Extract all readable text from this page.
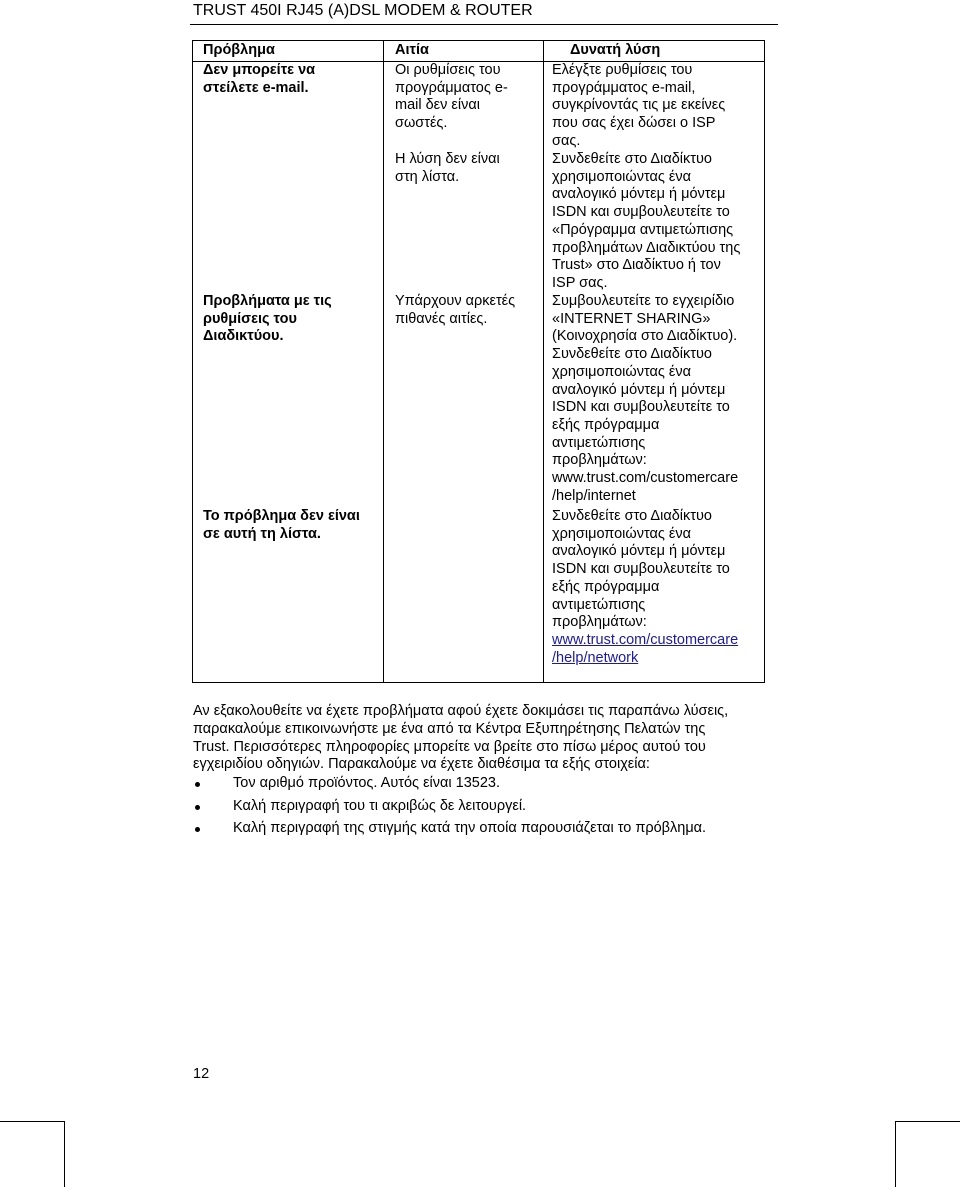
TRUST 450I RJ45 (A)DSL MODEM & ROUTER
Πρόβλημα	Αιτία	Δυνατή λύση
Δεν μπορείτε να
στείλετε e-mail.
Οι ρυθμίσεις του
προγράμματος e-
mail δεν είναι
σωστές.
Ελέγξτε ρυθμίσεις του
προγράμματος e-mail,
συγκρίνοντάς τις με εκείνες
που σας έχει δώσει ο ISP
σας.
Η λύση δεν είναι
στη λίστα.
Συνδεθείτε στο Διαδίκτυο
χρησιμοποιώντας ένα
αναλογικό μόντεμ ή μόντεμ
ISDN και συμβουλευτείτε το
«Πρόγραμμα αντιμετώπισης
προβλημάτων Διαδικτύου της
Trust» στο Διαδίκτυο ή τον
ISP σας.
Προβλήματα με τις
ρυθμίσεις του
Διαδικτύου.
Υπάρχουν αρκετές
πιθανές αιτίες.
Συμβουλευτείτε το εγχειρίδιο
«INTERNET SHARING»
(Κοινοχρησία στο Διαδίκτυο).
Συνδεθείτε στο Διαδίκτυο
χρησιμοποιώντας ένα
αναλογικό μόντεμ ή μόντεμ
ISDN και συμβουλευτείτε το
εξής πρόγραμμα
αντιμετώπισης
προβλημάτων:
www.trust.com/customercare
/help/internet
Το πρόβλημα δεν είναι
σε αυτή τη λίστα.
Συνδεθείτε στο Διαδίκτυο
χρησιμοποιώντας ένα
αναλογικό μόντεμ ή μόντεμ
ISDN και συμβουλευτείτε το
εξής πρόγραμμα
αντιμετώπισης
προβλημάτων:
www.trust.com/customercare
/help/network
Αν εξακολουθείτε να έχετε προβλήματα αφού έχετε δοκιμάσει τις παραπάνω λύσεις,
παρακαλούμε επικοινωνήστε με ένα από τα Κέντρα Εξυπηρέτησης Πελατών της
Trust. Περισσότερες πληροφορίες μπορείτε να βρείτε στο πίσω μέρος αυτού του
εγχειριδίου οδηγιών. Παρακαλούμε να έχετε διαθέσιμα τα εξής στοιχεία:
Τον αριθμό προϊόντος. Αυτός είναι 13523.
Καλή περιγραφή του τι ακριβώς δε λειτουργεί.
Καλή περιγραφή της στιγμής κατά την οποία παρουσιάζεται το πρόβλημα.
12
